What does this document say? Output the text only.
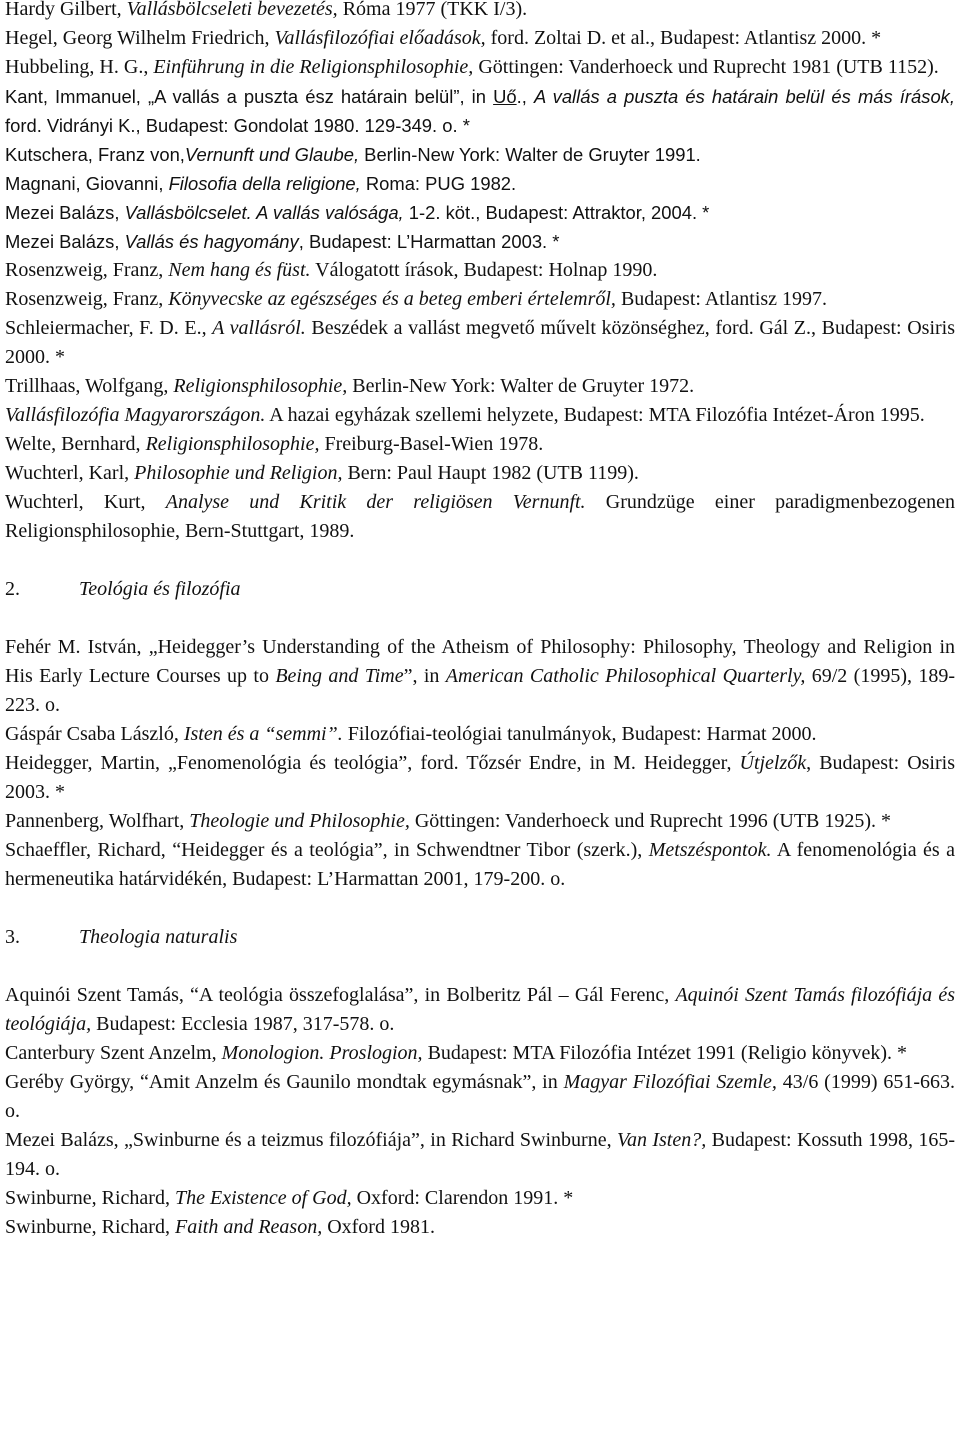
Hardy Gilbert, Vallásbölcseleti bevezetés, Róma 1977 (TKK I/3).
Hegel, Georg Wilhelm Friedrich, Vallásfilozófiai előadások, ford. Zoltai D. et al., Budapest: Atlantisz 2000. *
Hubbeling, H. G., Einführung in die Religionsphilosophie, Göttingen: Vanderhoeck und Ruprecht 1981 (UTB 1152).
Kant, Immanuel, „A vallás a puszta ész határain belül”, in Uő., A vallás a puszta és határain belül és más írások, ford. Vidrányi K., Budapest: Gondolat 1980. 129-349. o. *
Kutschera, Franz von,Vernunft und Glaube, Berlin-New York: Walter de Gruyter 1991.
Magnani, Giovanni, Filosofia della religione, Roma: PUG 1982.
Mezei Balázs, Vallásbölcselet. A vallás valósága, 1-2. köt., Budapest: Attraktor, 2004. *
Mezei Balázs, Vallás és hagyomány, Budapest: L’Harmattan 2003. *
Rosenzweig, Franz, Nem hang és füst. Válogatott írások, Budapest: Holnap 1990.
Rosenzweig, Franz, Könyvecske az egészséges és a beteg emberi értelemről, Budapest: Atlantisz 1997.
Schleiermacher, F. D. E., A vallásról. Beszédek a vallást megvető művelt közönséghez, ford. Gál Z., Budapest: Osiris 2000. *
Trillhaas, Wolfgang, Religionsphilosophie, Berlin-New York: Walter de Gruyter 1972.
Vallásfilozófia Magyarországon. A hazai egyházak szellemi helyzete, Budapest: MTA Filozófia Intézet-Áron 1995.
Welte, Bernhard, Religionsphilosophie, Freiburg-Basel-Wien 1978.
Wuchterl, Karl, Philosophie und Religion, Bern: Paul Haupt 1982 (UTB 1199).
Wuchterl, Kurt, Analyse und Kritik der religiösen Vernunft. Grundzüge einer paradigmenbezogenen Religionsphilosophie, Bern-Stuttgart, 1989.
2.	Teológia és filozófia
Fehér M. István, „Heidegger’s Understanding of the Atheism of Philosophy: Philosophy, Theology and Religion in His Early Lecture Courses up to Being and Time”, in American Catholic Philosophical Quarterly, 69/2 (1995), 189-223. o.
Gáspár Csaba László, Isten és a “semmi”. Filozófiai-teológiai tanulmányok, Budapest: Harmat 2000.
Heidegger, Martin, „Fenomenológia és teológia”, ford. Tőzsér Endre, in M. Heidegger, Útjelzők, Budapest: Osiris 2003. *
Pannenberg, Wolfhart, Theologie und Philosophie, Göttingen: Vanderhoeck und Ruprecht 1996 (UTB 1925). *
Schaeffler, Richard, “Heidegger és a teológia”, in Schwendtner Tibor (szerk.), Metszéspontok. A fenomenológia és a hermeneutika határvidékén, Budapest: L’Harmattan 2001, 179-200. o.
3.	Theologia naturalis
Aquinói Szent Tamás, “A teológia összefoglalása”, in Bolberitz Pál – Gál Ferenc, Aquinói Szent Tamás filozófiája és teológiája, Budapest: Ecclesia 1987, 317-578. o.
Canterbury Szent Anzelm, Monologion. Proslogion, Budapest: MTA Filozófia Intézet 1991 (Religio könyvek). *
Geréby György, “Amit Anzelm és Gaunilo mondtak egymásnak”, in Magyar Filozófiai Szemle, 43/6 (1999) 651-663. o.
Mezei Balázs, „Swinburne és a teizmus filozófiája”, in Richard Swinburne, Van Isten?, Budapest: Kossuth 1998, 165-194. o.
Swinburne, Richard, The Existence of God, Oxford: Clarendon 1991. *
Swinburne, Richard, Faith and Reason, Oxford 1981.
